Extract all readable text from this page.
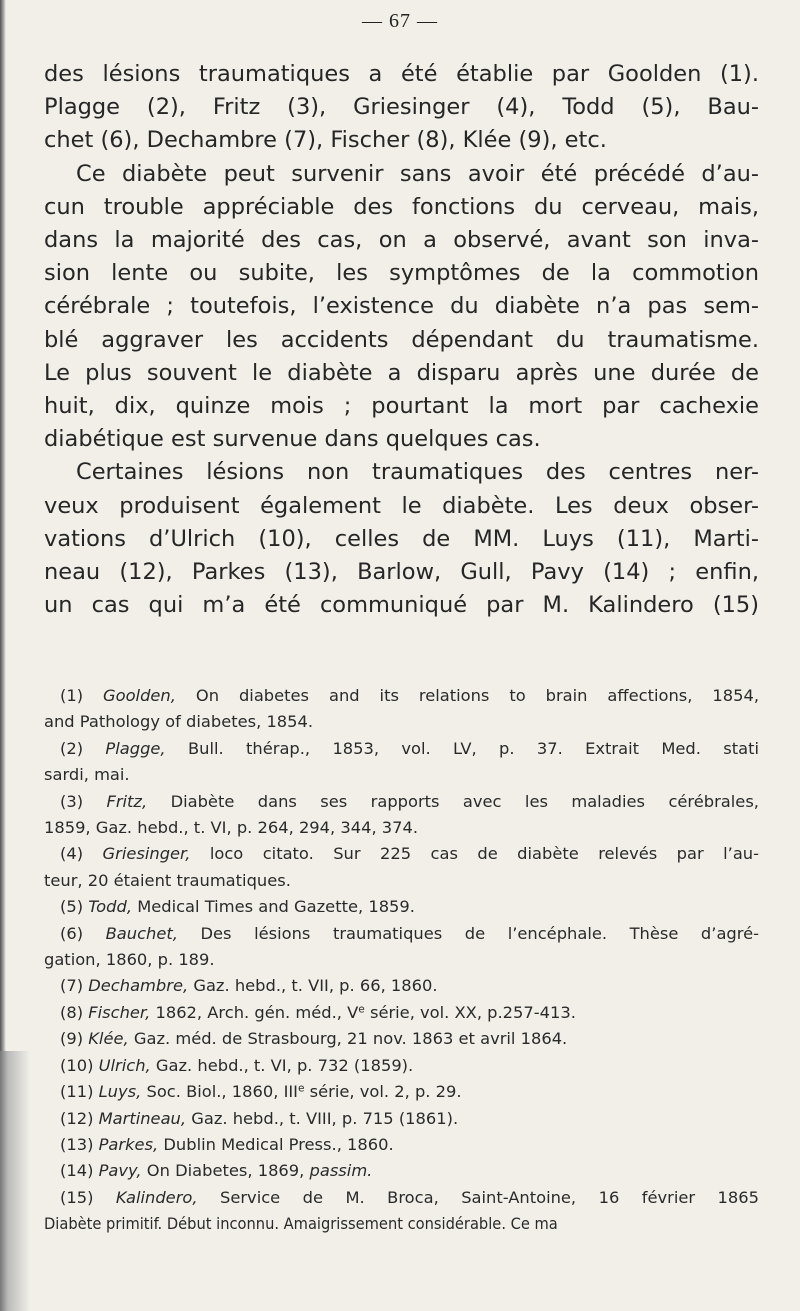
— 67 —
des lésions traumatiques a été établie par Goolden (1).
Plagge (2), Fritz (3), Griesinger (4), Todd (5), Bau-
chet (6), Dechambre (7), Fischer (8), Klée (9), etc.
Ce diabète peut survenir sans avoir été précédé d’au-
cun trouble appréciable des fonctions du cerveau, mais,
dans la majorité des cas, on a observé, avant son inva-
sion lente ou subite, les symptômes de la commotion
cérébrale ; toutefois, l’existence du diabète n’a pas sem-
blé aggraver les accidents dépendant du traumatisme.
Le plus souvent le diabète a disparu après une durée de
huit, dix, quinze mois ; pourtant la mort par cachexie
diabétique est survenue dans quelques cas.
Certaines lésions non traumatiques des centres ner-
veux produisent également le diabète. Les deux obser-
vations d’Ulrich (10), celles de MM. Luys (11), Marti-
neau (12), Parkes (13), Barlow, Gull, Pavy (14) ; enfin,
un cas qui m’a été communiqué par M. Kalindero (15)
(1) Goolden, On diabetes and its relations to brain affections, 1854,
and Pathology of diabetes, 1854.
(2) Plagge, Bull. thérap., 1853, vol. LV, p. 37. Extrait Med. stati
sardi, mai.
(3) Fritz, Diabète dans ses rapports avec les maladies cérébrales,
1859, Gaz. hebd., t. VI, p. 264, 294, 344, 374.
(4) Griesinger, loco citato. Sur 225 cas de diabète relevés par l’au-
teur, 20 étaient traumatiques.
(5) Todd, Medical Times and Gazette, 1859.
(6) Bauchet, Des lésions traumatiques de l’encéphale. Thèse d’agré-
gation, 1860, p. 189.
(7) Dechambre, Gaz. hebd., t. VII, p. 66, 1860.
(8) Fischer, 1862, Arch. gén. méd., Ve série, vol. XX, p.257-413.
(9) Klée, Gaz. méd. de Strasbourg, 21 nov. 1863 et avril 1864.
(10) Ulrich, Gaz. hebd., t. VI, p. 732 (1859).
(11) Luys, Soc. Biol., 1860, IIIe série, vol. 2, p. 29.
(12) Martineau, Gaz. hebd., t. VIII, p. 715 (1861).
(13) Parkes, Dublin Medical Press., 1860.
(14) Pavy, On Diabetes, 1869, passim.
(15) Kalindero, Service de M. Broca, Saint-Antoine, 16 février 1865
Diabète primitif. Début inconnu. Amaigrissement considérable. Ce ma
